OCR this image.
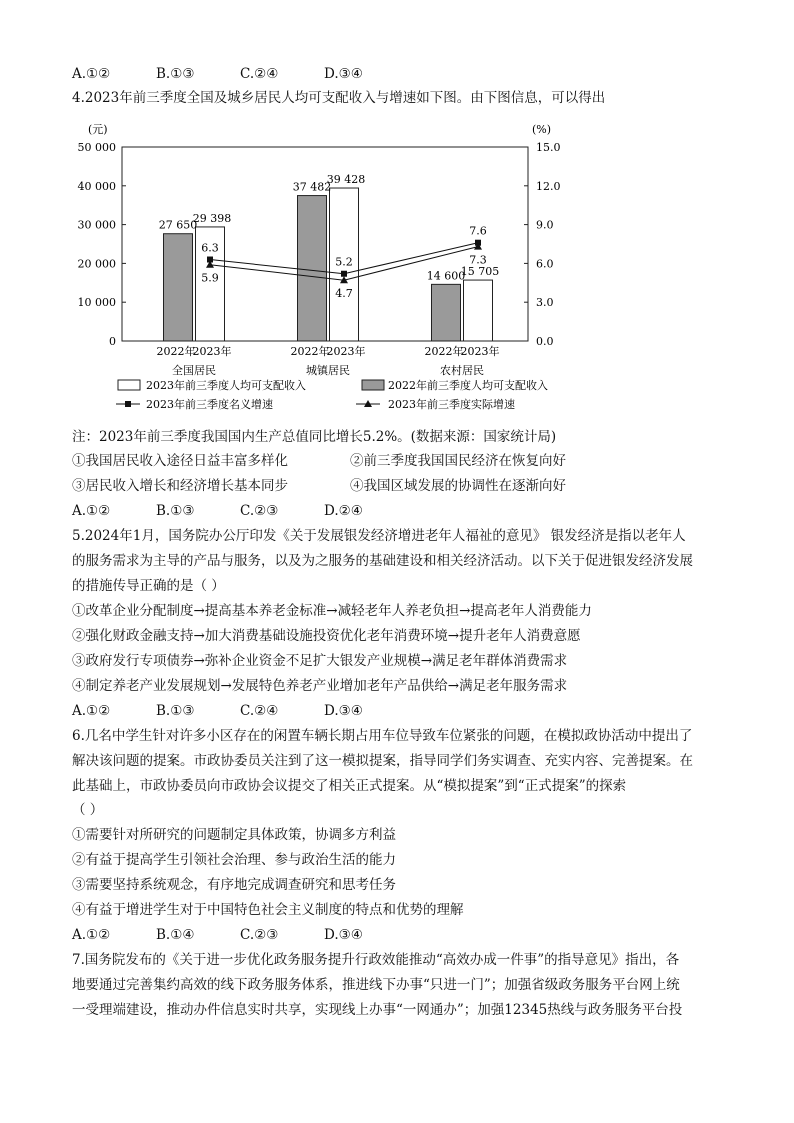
A.①②	B.①③	C.②④	D.③④
4.2023年前三季度全国及城乡居民人均可支配收入与增速如下图。由下图信息，可以得出
(元)	(%)
0
10 000
20 000
30 000
40 000
50 000
0.0
3.0
6.0
9.0
12.0
15.0
27 650
29 398
2022年
2023年
全国居民
37 482
39 428
2022年
2023年
城镇居民
14 600
15 705
2022年
2023年
农村居民
6.3
5.2
7.6
5.9
4.7
7.3
2023年前三季度人均可支配收入	2022年前三季度人均可支配收入
2023年前三季度名义增速	2023年前三季度实际增速
注：2023年前三季度我国国内生产总值同比增长5.2%。(数据来源：国家统计局)
①我国居民收入途径日益丰富多样化	②前三季度我国国民经济在恢复向好
③居民收入增长和经济增长基本同步	④我国区域发展的协调性在逐渐向好
A.①②	B.①③	C.②③	D.②④
5.2024年1月，国务院办公厅印发《关于发展银发经济增进老年人福祉的意见》 银发经济是指以老年人
的服务需求为主导的产品与服务，以及为之服务的基础建设和相关经济活动。以下关于促进银发经济发展
的措施传导正确的是（ ）
①改革企业分配制度→提高基本养老金标准→减轻老年人养老负担→提高老年人消费能力
②强化财政金融支持→加大消费基础设施投资优化老年消费环境→提升老年人消费意愿
③政府发行专项债券→弥补企业资金不足扩大银发产业规模→满足老年群体消费需求
④制定养老产业发展规划→发展特色养老产业增加老年产品供给→满足老年服务需求
A.①②	B.①③	C.②④	D.③④
6.几名中学生针对许多小区存在的闲置车辆长期占用车位导致车位紧张的问题，在模拟政协活动中提出了
解决该问题的提案。市政协委员关注到了这一模拟提案，指导同学们务实调查、充实内容、完善提案。在
此基础上，市政协委员向市政协会议提交了相关正式提案。从“模拟提案”到“正式提案”的探索
（ ）
①需要针对所研究的问题制定具体政策，协调多方利益
②有益于提高学生引领社会治理、参与政治生活的能力
③需要坚持系统观念，有序地完成调查研究和思考任务
④有益于增进学生对于中国特色社会主义制度的特点和优势的理解
A.①②	B.①④	C.②③	D.③④
7.国务院发布的《关于进一步优化政务服务提升行政效能推动“高效办成一件事”的指导意见》指出，各
地要通过完善集约高效的线下政务服务体系，推进线下办事“只进一门”；加强省级政务服务平台网上统
一受理端建设，推动办件信息实时共享，实现线上办事“一网通办”；加强12345热线与政务服务平台投
